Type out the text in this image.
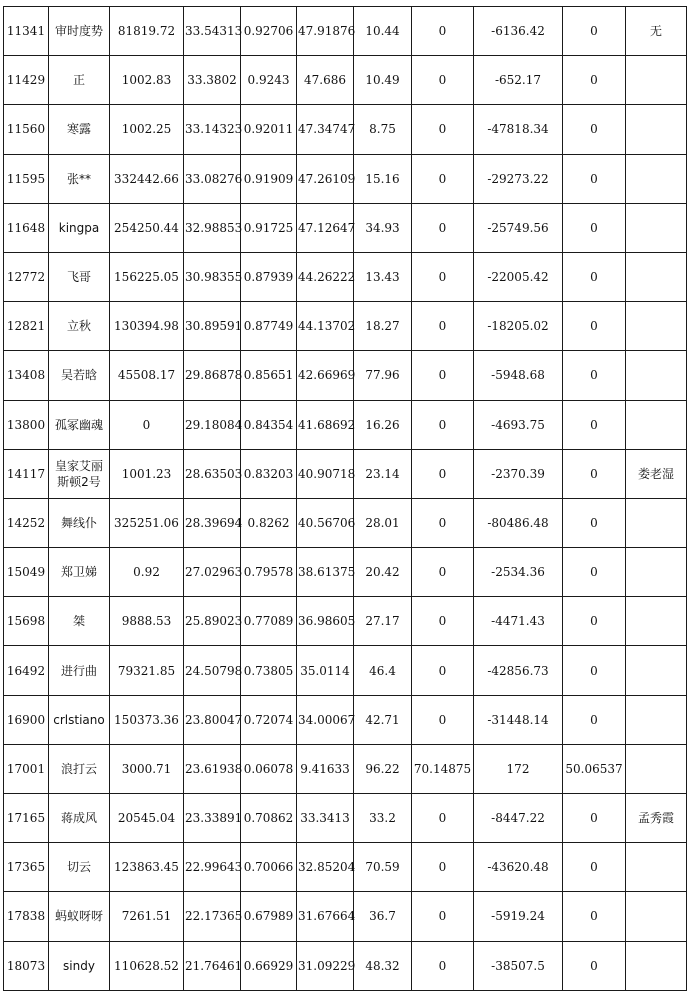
11341	审时度势	81819.72	33.54313	0.92706	47.91876	10.44	0	-6136.42	0	无
11429	正	1002.83	33.3802	0.9243	47.686	10.49	0	-652.17	0	
11560	寒露	1002.25	33.14323	0.92011	47.34747	8.75	0	-47818.34	0	
11595	张**	332442.66	33.08276	0.91909	47.26109	15.16	0	-29273.22	0	
11648	kingpa	254250.44	32.98853	0.91725	47.12647	34.93	0	-25749.56	0	
12772	飞哥	156225.05	30.98355	0.87939	44.26222	13.43	0	-22005.42	0	
12821	立秋	130394.98	30.89591	0.87749	44.13702	18.27	0	-18205.02	0	
13408	吴若晗	45508.17	29.86878	0.85651	42.66969	77.96	0	-5948.68	0	
13800	孤冢幽魂	0	29.18084	0.84354	41.68692	16.26	0	-4693.75	0	
14117	皇家艾丽斯顿2号	1001.23	28.63503	0.83203	40.90718	23.14	0	-2370.39	0	娄老湿
14252	舞线仆	325251.06	28.39694	0.8262	40.56706	28.01	0	-80486.48	0	
15049	郑卫娣	0.92	27.02963	0.79578	38.61375	20.42	0	-2534.36	0	
15698	桀	9888.53	25.89023	0.77089	36.98605	27.17	0	-4471.43	0	
16492	进行曲	79321.85	24.50798	0.73805	35.0114	46.4	0	-42856.73	0	
16900	crlstiano	150373.36	23.80047	0.72074	34.00067	42.71	0	-31448.14	0	
17001	浪打云	3000.71	23.61938	0.06078	9.41633	96.22	70.14875	172	50.06537	
17165	蒋成风	20545.04	23.33891	0.70862	33.3413	33.2	0	-8447.22	0	孟秀霞
17365	切云	123863.45	22.99643	0.70066	32.85204	70.59	0	-43620.48	0	
17838	蚂蚁呀呀	7261.51	22.17365	0.67989	31.67664	36.7	0	-5919.24	0	
18073	sindy	110628.52	21.76461	0.66929	31.09229	48.32	0	-38507.5	0	
